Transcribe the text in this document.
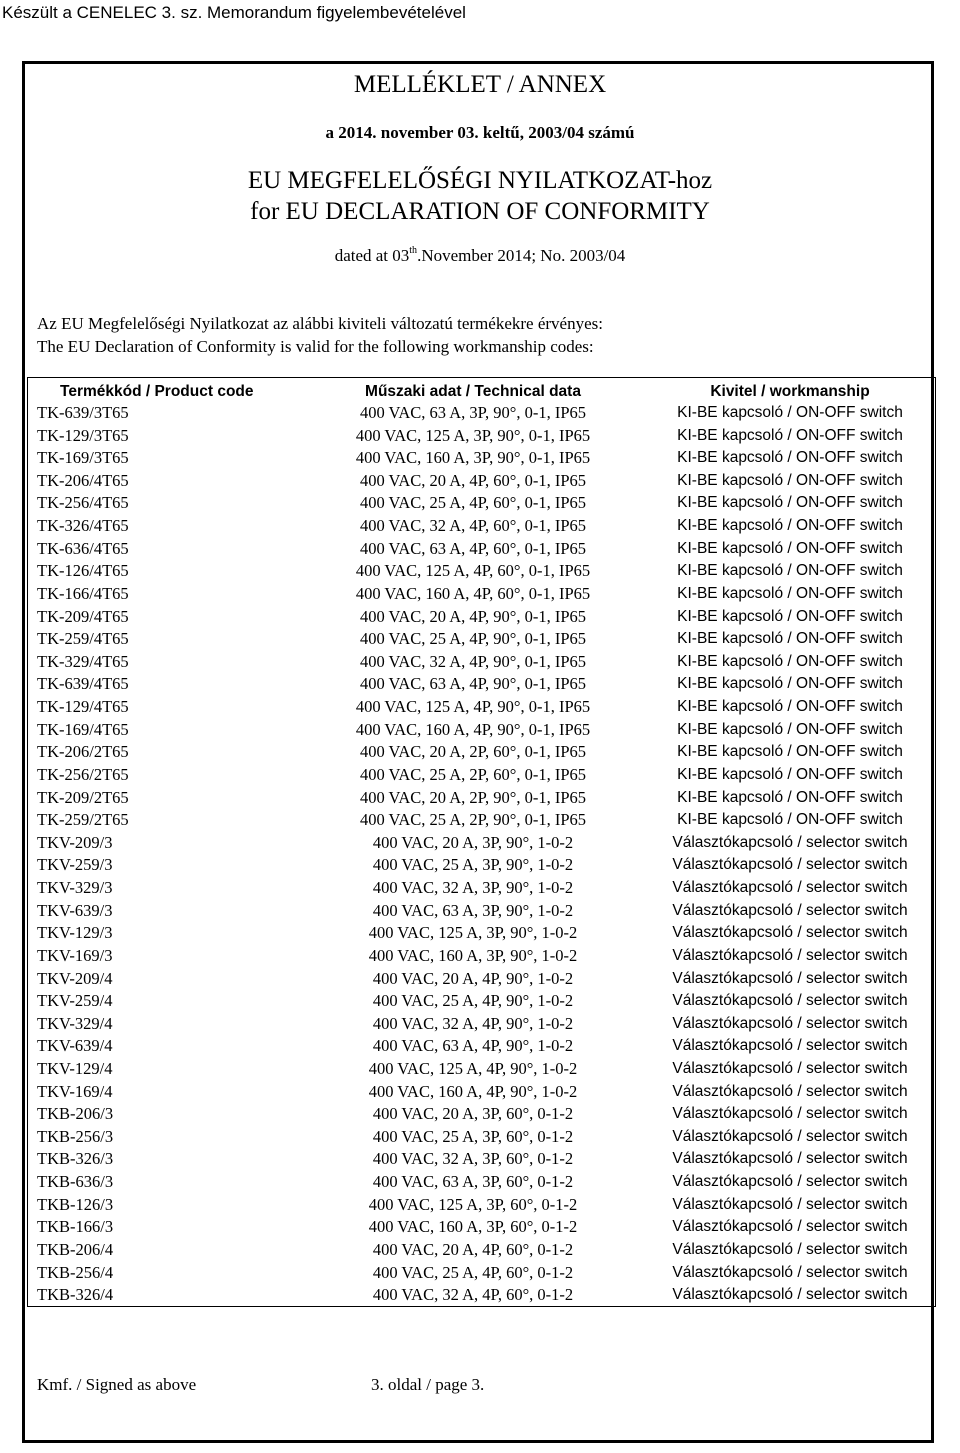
Készült a CENELEC 3. sz. Memorandum figyelembevételével
MELLÉKLET / ANNEX
a 2014. november 03. keltű, 2003/04 számú
EU MEGFELELŐSÉGI NYILATKOZAT-hoz
for EU DECLARATION OF CONFORMITY
dated at 03th.November 2014; No. 2003/04
Az EU Megfelelőségi Nyilatkozat az alábbi kiviteli változatú termékekre érvényes:
The EU Declaration of Conformity is valid for the following workmanship codes:
Termékkód / Product code	Műszaki adat / Technical data	Kivitel / workmanship
TK-639/3T65	400 VAC, 63 A, 3P, 90°, 0-1, IP65	KI-BE kapcsoló / ON-OFF switch
TK-129/3T65	400 VAC, 125 A, 3P, 90°, 0-1, IP65	KI-BE kapcsoló / ON-OFF switch
TK-169/3T65	400 VAC, 160 A, 3P, 90°, 0-1, IP65	KI-BE kapcsoló / ON-OFF switch
TK-206/4T65	400 VAC, 20 A, 4P, 60°, 0-1, IP65	KI-BE kapcsoló / ON-OFF switch
TK-256/4T65	400 VAC, 25 A, 4P, 60°, 0-1, IP65	KI-BE kapcsoló / ON-OFF switch
TK-326/4T65	400 VAC, 32 A, 4P, 60°, 0-1, IP65	KI-BE kapcsoló / ON-OFF switch
TK-636/4T65	400 VAC, 63 A, 4P, 60°, 0-1, IP65	KI-BE kapcsoló / ON-OFF switch
TK-126/4T65	400 VAC, 125 A, 4P, 60°, 0-1, IP65	KI-BE kapcsoló / ON-OFF switch
TK-166/4T65	400 VAC, 160 A, 4P, 60°, 0-1, IP65	KI-BE kapcsoló / ON-OFF switch
TK-209/4T65	400 VAC, 20 A, 4P, 90°, 0-1, IP65	KI-BE kapcsoló / ON-OFF switch
TK-259/4T65	400 VAC, 25 A, 4P, 90°, 0-1, IP65	KI-BE kapcsoló / ON-OFF switch
TK-329/4T65	400 VAC, 32 A, 4P, 90°, 0-1, IP65	KI-BE kapcsoló / ON-OFF switch
TK-639/4T65	400 VAC, 63 A, 4P, 90°, 0-1, IP65	KI-BE kapcsoló / ON-OFF switch
TK-129/4T65	400 VAC, 125 A, 4P, 90°, 0-1, IP65	KI-BE kapcsoló / ON-OFF switch
TK-169/4T65	400 VAC, 160 A, 4P, 90°, 0-1, IP65	KI-BE kapcsoló / ON-OFF switch
TK-206/2T65	400 VAC, 20 A, 2P, 60°, 0-1, IP65	KI-BE kapcsoló / ON-OFF switch
TK-256/2T65	400 VAC, 25 A, 2P, 60°, 0-1, IP65	KI-BE kapcsoló / ON-OFF switch
TK-209/2T65	400 VAC, 20 A, 2P, 90°, 0-1, IP65	KI-BE kapcsoló / ON-OFF switch
TK-259/2T65	400 VAC, 25 A, 2P, 90°, 0-1, IP65	KI-BE kapcsoló / ON-OFF switch
TKV-209/3	400 VAC, 20 A, 3P, 90°, 1-0-2	Választókapcsoló / selector switch
TKV-259/3	400 VAC, 25 A, 3P, 90°, 1-0-2	Választókapcsoló / selector switch
TKV-329/3	400 VAC, 32 A, 3P, 90°, 1-0-2	Választókapcsoló / selector switch
TKV-639/3	400 VAC, 63 A, 3P, 90°, 1-0-2	Választókapcsoló / selector switch
TKV-129/3	400 VAC, 125 A, 3P, 90°, 1-0-2	Választókapcsoló / selector switch
TKV-169/3	400 VAC, 160 A, 3P, 90°, 1-0-2	Választókapcsoló / selector switch
TKV-209/4	400 VAC, 20 A, 4P, 90°, 1-0-2	Választókapcsoló / selector switch
TKV-259/4	400 VAC, 25 A, 4P, 90°, 1-0-2	Választókapcsoló / selector switch
TKV-329/4	400 VAC, 32 A, 4P, 90°, 1-0-2	Választókapcsoló / selector switch
TKV-639/4	400 VAC, 63 A, 4P, 90°, 1-0-2	Választókapcsoló / selector switch
TKV-129/4	400 VAC, 125 A, 4P, 90°, 1-0-2	Választókapcsoló / selector switch
TKV-169/4	400 VAC, 160 A, 4P, 90°, 1-0-2	Választókapcsoló / selector switch
TKB-206/3	400 VAC, 20 A, 3P, 60°, 0-1-2	Választókapcsoló / selector switch
TKB-256/3	400 VAC, 25 A, 3P, 60°, 0-1-2	Választókapcsoló / selector switch
TKB-326/3	400 VAC, 32 A, 3P, 60°, 0-1-2	Választókapcsoló / selector switch
TKB-636/3	400 VAC, 63 A, 3P, 60°, 0-1-2	Választókapcsoló / selector switch
TKB-126/3	400 VAC, 125 A, 3P, 60°, 0-1-2	Választókapcsoló / selector switch
TKB-166/3	400 VAC, 160 A, 3P, 60°, 0-1-2	Választókapcsoló / selector switch
TKB-206/4	400 VAC, 20 A, 4P, 60°, 0-1-2	Választókapcsoló / selector switch
TKB-256/4	400 VAC, 25 A, 4P, 60°, 0-1-2	Választókapcsoló / selector switch
TKB-326/4	400 VAC, 32 A, 4P, 60°, 0-1-2	Választókapcsoló / selector switch
Kmf. / Signed as above	3. oldal / page 3.
